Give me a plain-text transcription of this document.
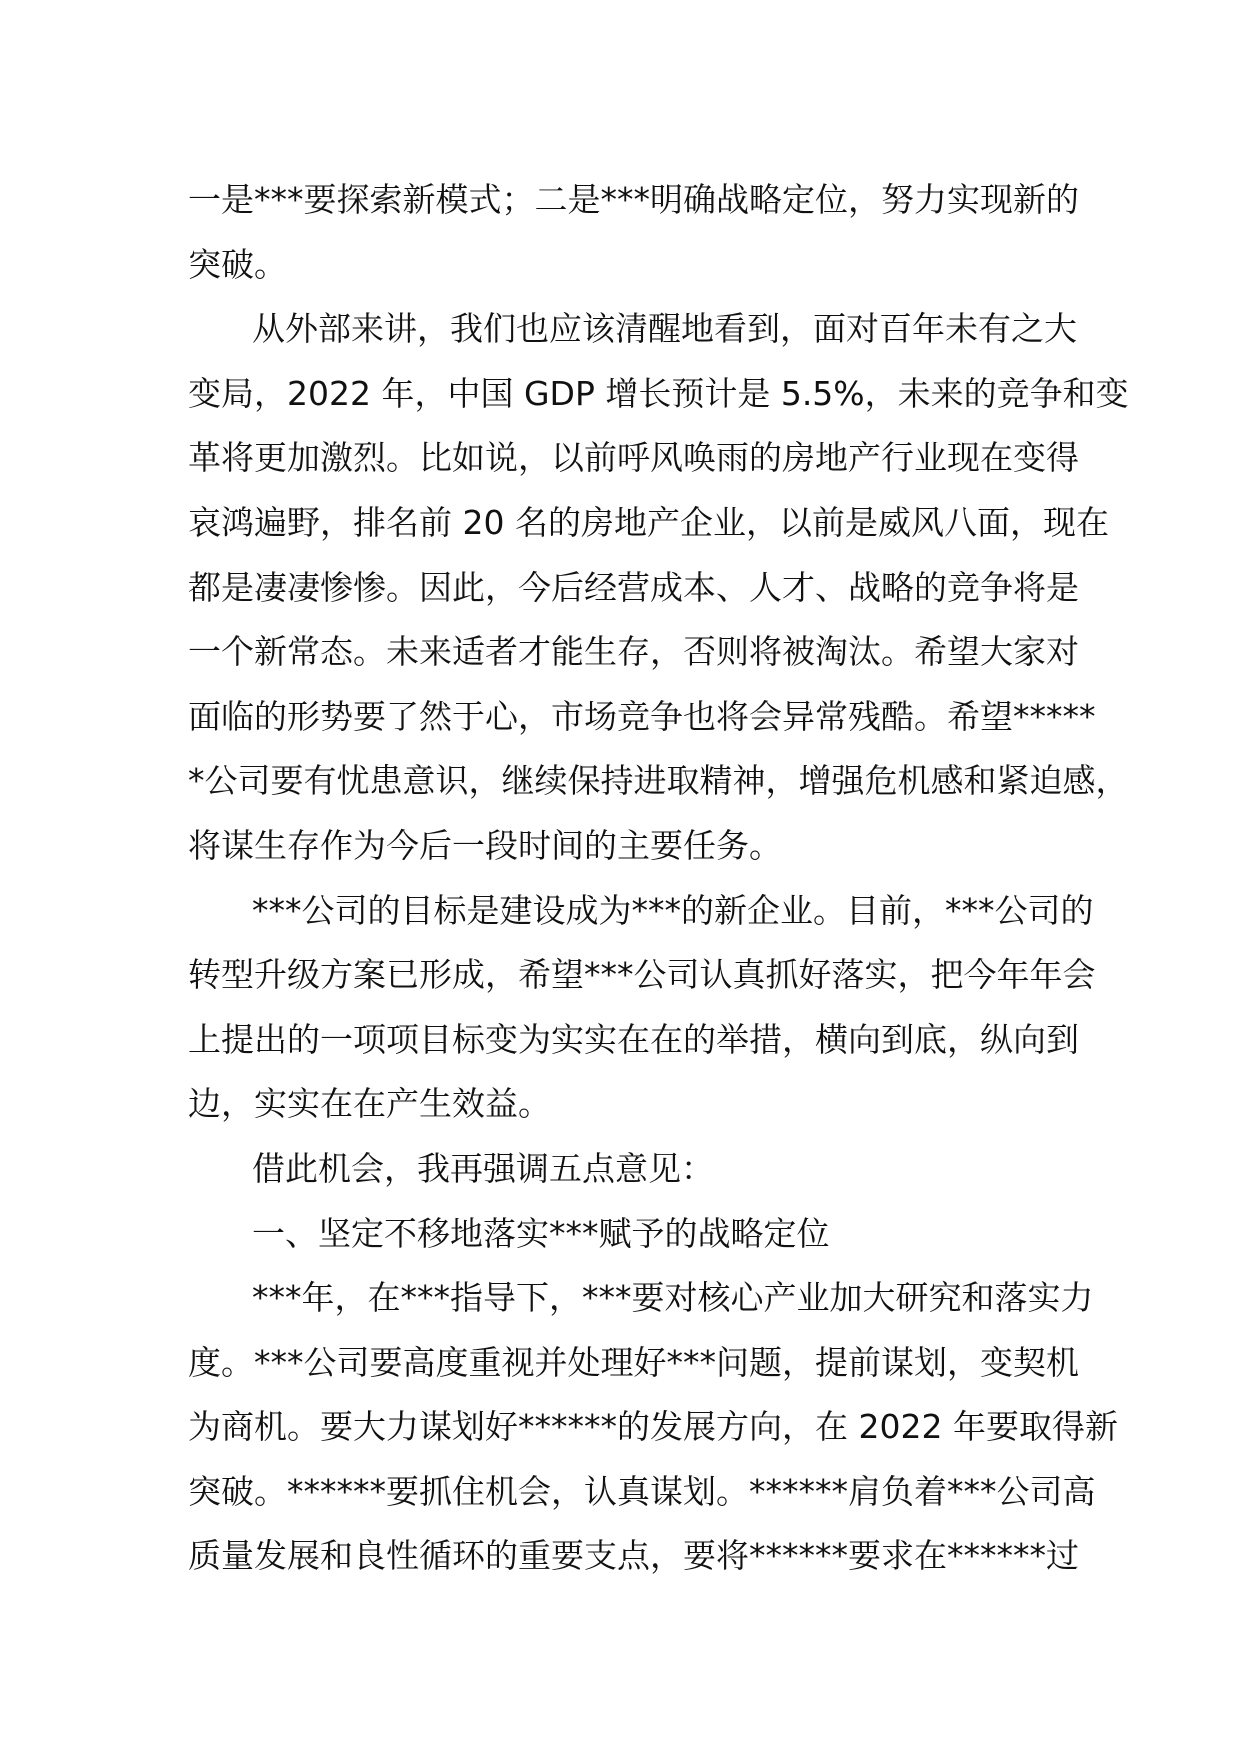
一是***要探索新模式；二是***明确战略定位，努力实现新的
突破。
从外部来讲，我们也应该清醒地看到，面对百年未有之大
变局，2022 年，中国 GDP 增长预计是 5.5%，未来的竞争和变
革将更加激烈。比如说，以前呼风唤雨的房地产行业现在变得
哀鸿遍野，排名前 20 名的房地产企业，以前是威风八面，现在
都是凄凄惨惨。因此，今后经营成本、人才、战略的竞争将是
一个新常态。未来适者才能生存，否则将被淘汰。希望大家对
面临的形势要了然于心，市场竞争也将会异常残酷。希望*****
*公司要有忧患意识，继续保持进取精神，增强危机感和紧迫感，
将谋生存作为今后一段时间的主要任务。
***公司的目标是建设成为***的新企业。目前，***公司的
转型升级方案已形成，希望***公司认真抓好落实，把今年年会
上提出的一项项目标变为实实在在的举措，横向到底，纵向到
边，实实在在产生效益。
借此机会，我再强调五点意见：
一、坚定不移地落实***赋予的战略定位
***年，在***指导下，***要对核心产业加大研究和落实力
度。***公司要高度重视并处理好***问题，提前谋划，变契机
为商机。要大力谋划好******的发展方向，在 2022 年要取得新
突破。******要抓住机会，认真谋划。******肩负着***公司高
质量发展和良性循环的重要支点，要将******要求在******过
